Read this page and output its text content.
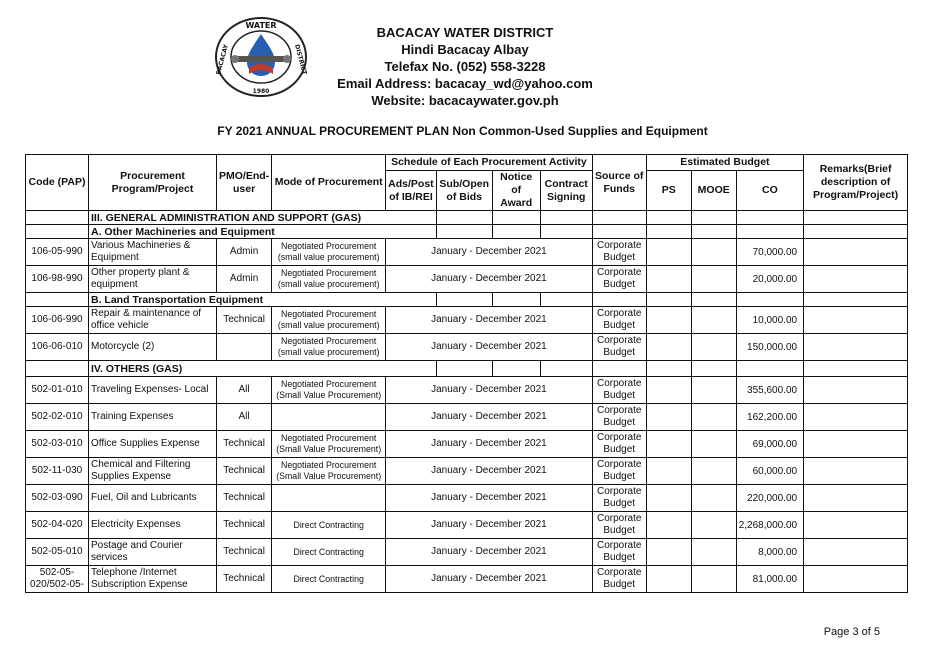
WATER
BACACAY	DISTRICT
1980
BACACAY WATER DISTRICT
Hindi Bacacay Albay
Telefax No. (052) 558-3228
Email Address: bacacay_wd@yahoo.com
Website: bacacaywater.gov.ph
FY 2021 ANNUAL PROCUREMENT PLAN Non Common-Used Supplies and Equipment
Code (PAP)	Procurement Program/Project	PMO/End-user	Mode of Procurement	Schedule of Each Procurement Activity				Source of Funds	Estimated Budget			Remarks(Brief description of Program/Project)
				Ads/Post of IB/REI	Sub/Open of Bids	Notice of Award	Contract Signing		PS	MOOE	CO	
	III. GENERAL ADMINISTRATION AND SUPPORT (GAS)											
	A. Other Machineries and Equipment											
106-05-990	Various Machineries & Equipment	Admin	Negotiated Procurement (small value procurement)	January - December 2021				Corporate Budget			70,000.00	
106-98-990	Other property plant & equipment	Admin	Negotiated Procurement (small value procurement)	January - December 2021				Corporate Budget			20,000.00	
	B. Land Transportation Equipment											
106-06-990	Repair & maintenance of office vehicle	Technical	Negotiated Procurement (small value procurement)	January - December 2021				Corporate Budget			10,000.00	
106-06-010	Motorcycle (2)		Negotiated Procurement (small value procurement)	January - December 2021				Corporate Budget			150,000.00	
	IV. OTHERS (GAS)											
502-01-010	Traveling Expenses- Local	All	Negotiated Procurement (Small Value Procurement)	January - December 2021				Corporate Budget			355,600.00	
502-02-010	Training Expenses	All		January - December 2021				Corporate Budget			162,200.00	
502-03-010	Office Supplies Expense	Technical	Negotiated Procurement (Small Value Procurement)	January - December 2021				Corporate Budget			69,000.00	
502-11-030	Chemical and Filtering Supplies Expense	Technical	Negotiated Procurement (Small Value Procurement)	January - December 2021				Corporate Budget			60,000.00	
502-03-090	Fuel, Oil and Lubricants	Technical		January - December 2021				Corporate Budget			220,000.00	
502-04-020	Electricity Expenses	Technical	Direct Contracting	January - December 2021				Corporate Budget			2,268,000.00	
502-05-010	Postage and Courier services	Technical	Direct Contracting	January - December 2021				Corporate Budget			8,000.00	
502-05-020/502-05-	Telephone /Internet Subscription Expense	Technical	Direct Contracting	January - December 2021				Corporate Budget			81,000.00	
Page 3 of 5
